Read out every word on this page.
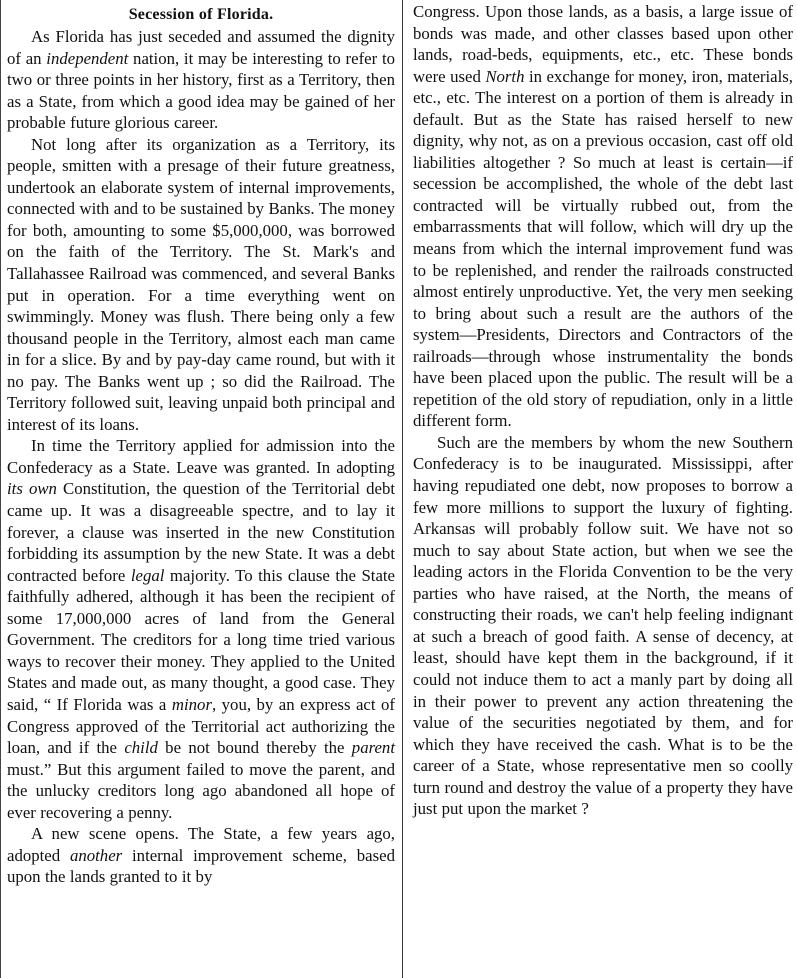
Secession of Florida.

As Florida has just seceded and assumed the dignity of an independent nation, it may be interesting to refer to two or three points in her history, first as a Territory, then as a State, from which a good idea may be gained of her probable future glorious career.

Not long after its organization as a Territory, its people, smitten with a presage of their future greatness, undertook an elaborate system of internal improvements, connected with and to be sustained by Banks. The money for both, amounting to some $5,000,000, was borrowed on the faith of the Territory. The St. Mark's and Tallahassee Railroad was commenced, and several Banks put in operation. For a time everything went on swimmingly. Money was flush. There being only a few thousand people in the Territory, almost each man came in for a slice. By and by pay-day came round, but with it no pay. The Banks went up ; so did the Railroad. The Territory followed suit, leaving unpaid both principal and interest of its loans.

In time the Territory applied for admission into the Confederacy as a State. Leave was granted. In adopting its own Constitution, the question of the Territorial debt came up. It was a disagreeable spectre, and to lay it forever, a clause was inserted in the new Constitution forbidding its assumption by the new State. It was a debt contracted before legal majority. To this clause the State faithfully adhered, although it has been the recipient of some 17,000,000 acres of land from the General Government. The creditors for a long time tried various ways to recover their money. They applied to the United States and made out, as many thought, a good case. They said, “ If Florida was a minor, you, by an express act of Congress approved of the Territorial act authorizing the loan, and if the child be not bound thereby the parent must.” But this argument failed to move the parent, and the unlucky creditors long ago abandoned all hope of ever recovering a penny.

A new scene opens. The State, a few years ago, adopted another internal improvement scheme, based upon the lands granted to it by

Congress. Upon those lands, as a basis, a large issue of bonds was made, and other classes based upon other lands, road-beds, equipments, etc., etc. These bonds were used North in exchange for money, iron, materials, etc., etc. The interest on a portion of them is already in default. But as the State has raised herself to new dignity, why not, as on a previous occasion, cast off old liabilities altogether ? So much at least is certain—if secession be accomplished, the whole of the debt last contracted will be virtually rubbed out, from the embarrassments that will follow, which will dry up the means from which the internal improvement fund was to be replenished, and render the railroads constructed almost entirely unproductive. Yet, the very men seeking to bring about such a result are the authors of the system—Presidents, Directors and Contractors of the railroads—through whose instrumentality the bonds have been placed upon the public. The result will be a repetition of the old story of repudiation, only in a little different form.

Such are the members by whom the new Southern Confederacy is to be inaugurated. Mississippi, after having repudiated one debt, now proposes to borrow a few more millions to support the luxury of fighting. Arkansas will probably follow suit. We have not so much to say about State action, but when we see the leading actors in the Florida Convention to be the very parties who have raised, at the North, the means of constructing their roads, we can't help feeling indignant at such a breach of good faith. A sense of decency, at least, should have kept them in the background, if it could not induce them to act a manly part by doing all in their power to prevent any action threatening the value of the securities negotiated by them, and for which they have received the cash. What is to be the career of a State, whose representative men so coolly turn round and destroy the value of a property they have just put upon the market ?
